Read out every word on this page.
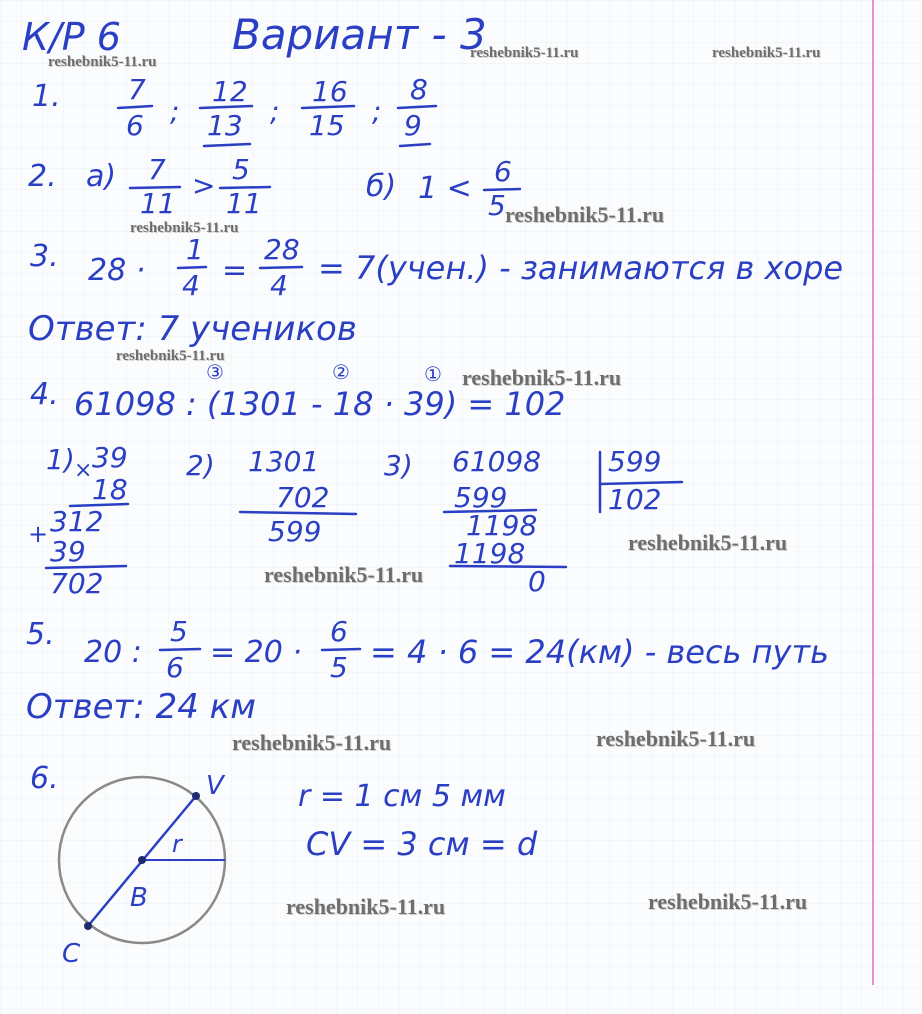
К/Р 6	Вариант - 3
reshebnik5-11.ru
reshebnik5-11.ru	reshebnik5-11.ru
reshebnik5-11.ru
reshebnik5-11.ru
reshebnik5-11.ru
reshebnik5-11.ru
reshebnik5-11.ru
reshebnik5-11.ru
reshebnik5-11.ru	reshebnik5-11.ru
reshebnik5-11.ru	reshebnik5-11.ru
1. 7
6 ;
12
13 ;
16
15 ;
8
9
2. а) 7
11
> 5
11	б) 1 < 6
5
3. 28 ·
1
4 =
28
4 = 7(учен.) - занимаются в хоре
Ответ: 7 учеников
4. 61098 : (1301 - 18 · 39) = 102
③	②	①
1) × 39
18
+ 312
39
702
2) 1301
702
599
3) 61098
599
1198
1198
0
599
102
5.
20 :
5
6 = 20 ·
6
5 = 4 · 6 = 24(км) - весь путь
Ответ: 24 км
6.
r = 1 см 5 мм
CV = 3 см = d
V
C
B
r
